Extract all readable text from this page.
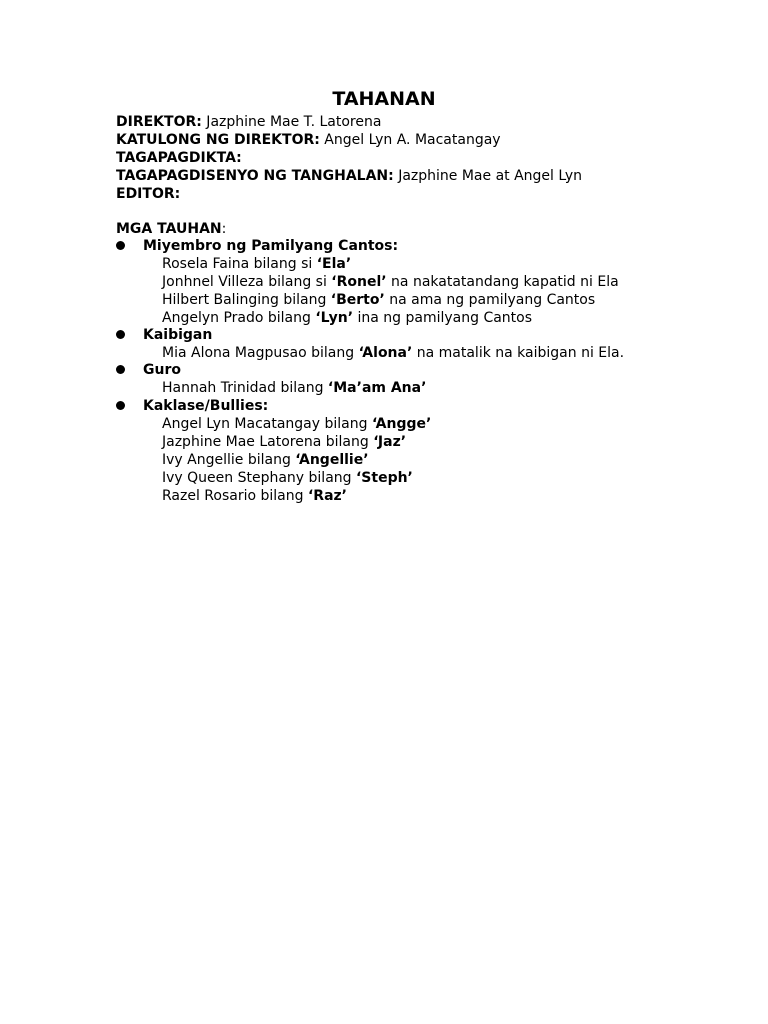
TAHANAN
DIREKTOR: Jazphine Mae T. Latorena
KATULONG NG DIREKTOR: Angel Lyn A. Macatangay
TAGAPAGDIKTA:
TAGAPAGDISENYO NG TANGHALAN: Jazphine Mae at Angel Lyn
EDITOR:
MGA TAUHAN:
Miyembro ng Pamilyang Cantos:
Rosela Faina bilang si ‘Ela’
Jonhnel Villeza bilang si ‘Ronel’ na nakatatandang kapatid ni Ela
Hilbert Balinging bilang ‘Berto’ na ama ng pamilyang Cantos
Angelyn Prado bilang ‘Lyn’ ina ng pamilyang Cantos
Kaibigan
Mia Alona Magpusao bilang ‘Alona’ na matalik na kaibigan ni Ela.
Guro
Hannah Trinidad bilang ‘Ma’am Ana’
Kaklase/Bullies:
Angel Lyn Macatangay bilang ‘Angge’
Jazphine Mae Latorena bilang ‘Jaz’
Ivy Angellie bilang ‘Angellie’
Ivy Queen Stephany bilang ‘Steph’
Razel Rosario bilang ‘Raz’
